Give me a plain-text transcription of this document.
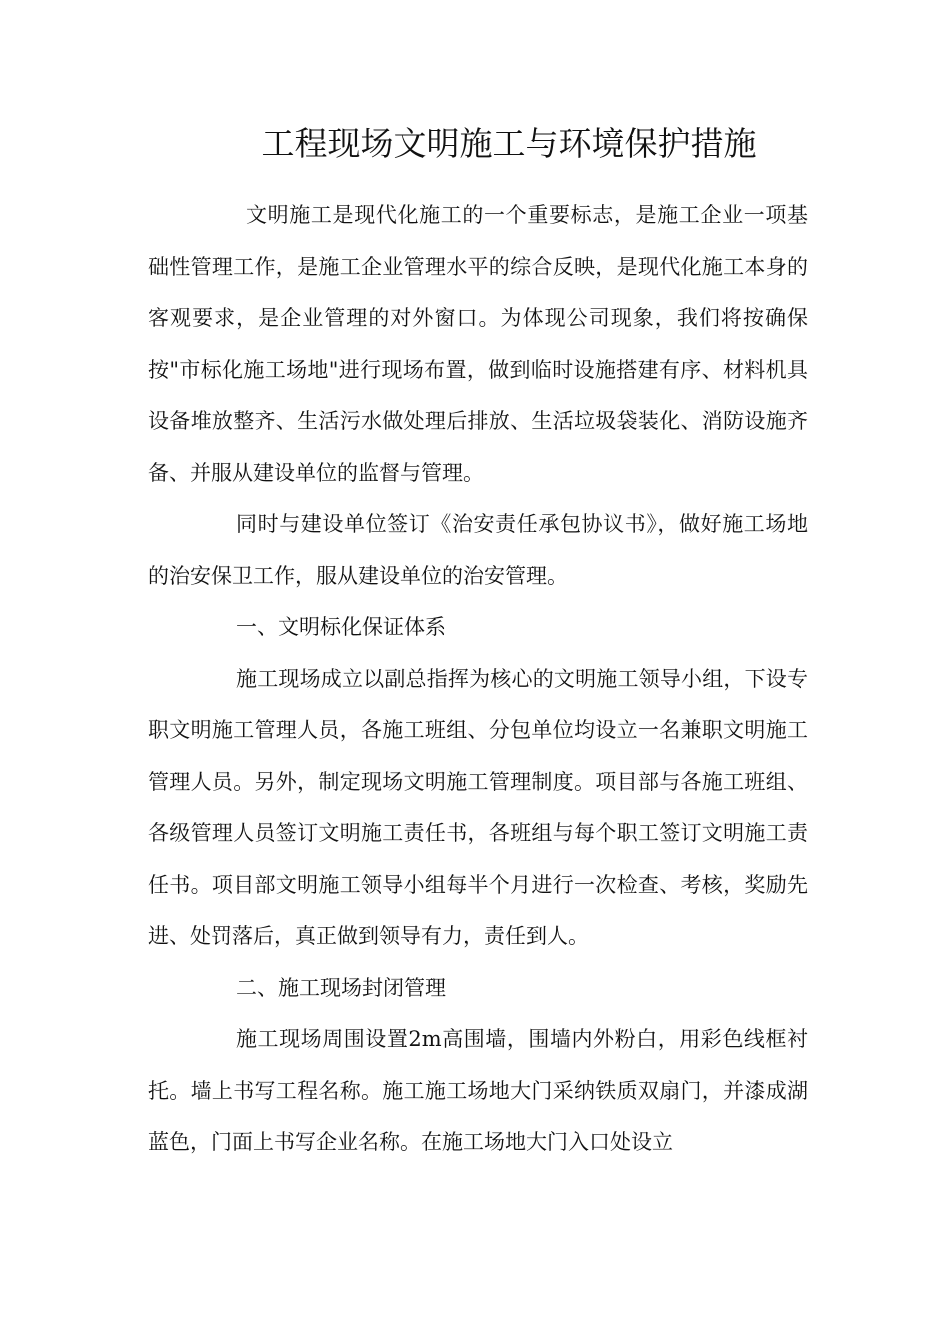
工程现场文明施工与环境保护措施

文明施工是现代化施工的一个重要标志，是施工企业一项基础性管理工作，是施工企业管理水平的综合反映，是现代化施工本身的客观要求，是企业管理的对外窗口。为体现公司现象，我们将按确保按"市标化施工场地"进行现场布置，做到临时设施搭建有序、材料机具设备堆放整齐、生活污水做处理后排放、生活垃圾袋装化、消防设施齐备、并服从建设单位的监督与管理。

同时与建设单位签订《治安责任承包协议书》，做好施工场地的治安保卫工作，服从建设单位的治安管理。

一、文明标化保证体系

施工现场成立以副总指挥为核心的文明施工领导小组，下设专职文明施工管理人员，各施工班组、分包单位均设立一名兼职文明施工管理人员。另外，制定现场文明施工管理制度。项目部与各施工班组、各级管理人员签订文明施工责任书，各班组与每个职工签订文明施工责任书。项目部文明施工领导小组每半个月进行一次检查、考核，奖励先进、处罚落后，真正做到领导有力，责任到人。

二、施工现场封闭管理

施工现场周围设置2m高围墙，围墙内外粉白，用彩色线框衬托。墙上书写工程名称。施工施工场地大门采纳铁质双扇门，并漆成湖蓝色，门面上书写企业名称。在施工场地大门入口处设立
